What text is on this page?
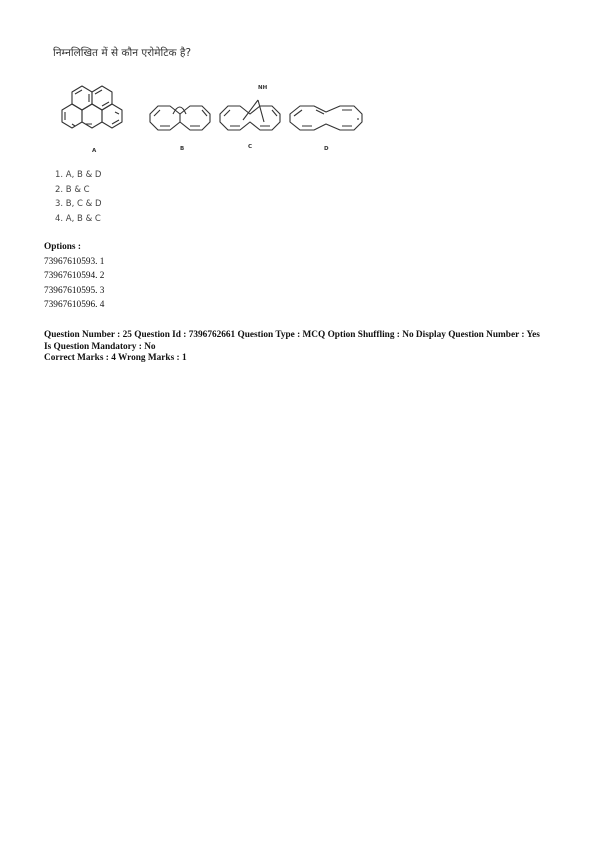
निम्नलिखित में से कौन एरोमेटिक है?
A	B
NH
C	D
1. A, B & D
2. B & C
3. B, C & D
4. A, B & C
Options :
73967610593. 1
73967610594. 2
73967610595. 3
73967610596. 4
Question Number : 25 Question Id : 7396762661 Question Type : MCQ Option Shuffling : No Display Question Number : Yes
Is Question Mandatory : No
Correct Marks : 4 Wrong Marks : 1
